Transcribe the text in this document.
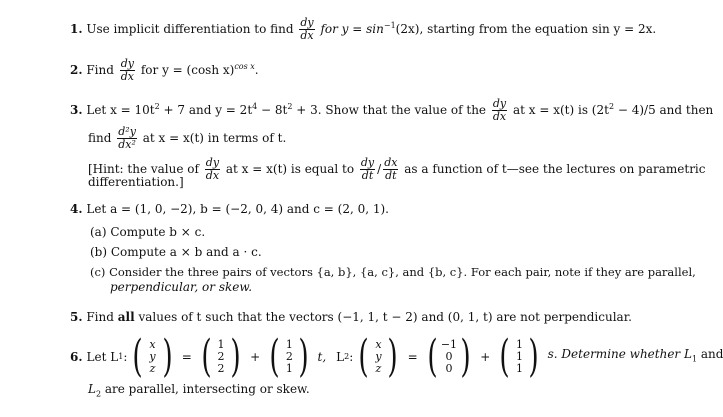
1. Use implicit differentiation to find $\frac{dy}{dx}$ for $y = \sin^{-1}(2x)$, starting from the equation sin y = 2x.
2. Find $\frac{dy}{dx}$ for y = (cosh x)$^{cos x}$.
3. Let $x = 10t^2 + 7$ and $y = 2t^4 - 8t^2 + 3$. Show that the value of the $\frac{dy}{dx}$ at x = x(t) is $(2t^2 - 4)/5$ and then
find $\frac{\text{d²y}}{\text{dx²}}$ at x = x(t) in terms of t.
[Hint: the value of $\frac{dy}{dx}$ at x = x(t) is equal to $\frac{dy}{dt} / \frac{dx}{dt}$ as a function of t—see the lectures on parametric
differentiation.]
4. Let a = (1, 0, −2), b = (−2, 0, 4) and c = (2, 0, 1).
(a) Compute b × c.
(b) Compute a × b and a · c.
(c) Consider the three pairs of vectors {a, b}, {a, c}, and {b, c}. For each pair, note if they are parallel,
perpendicular, or skew.
5. Find all values of t such that the vectors (−1, 1, t − 2) and (0, 1, t) are not perpendicular.
6. Let L 1 : ( x
y
z ) = ( 1
2
2 ) + ( 1
2
1 ) t, L 2 : ( x
y
z ) = ( −1
0
0 ) + ( 1
1
1 ) s. Determine whether $L_1$ and
$L_2$ are parallel, intersecting or skew.
